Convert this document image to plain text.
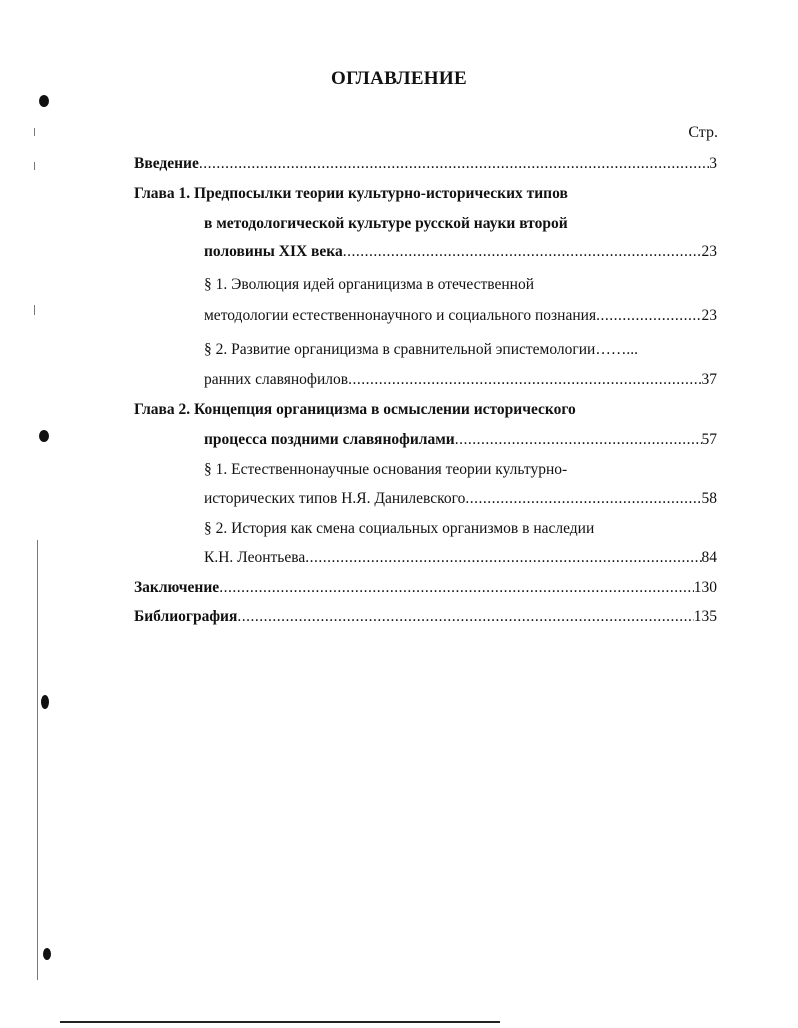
ОГЛАВЛЕНИЕ
Стр.
Введение .....	3
Глава 1. Предпосылки теории культурно-исторических типов
в методологической культуре русской науки второй
половины XIX века .....	23
§ 1. Эволюция идей органицизма в отечественной
методологии естественнонаучного и социального познания .....	23
§ 2. Развитие органицизма в сравнительной эпистемологии……...
ранних славянофилов .....	37
Глава 2. Концепция органицизма в осмыслении исторического
процесса поздними славянофилами .....	57
§ 1. Естественнонаучные основания теории культурно-
исторических типов Н.Я. Данилевского .....	58
§ 2. История как смена социальных организмов в наследии
К.Н. Леонтьева .....	84
Заключение .....	130
Библиография .....	135
